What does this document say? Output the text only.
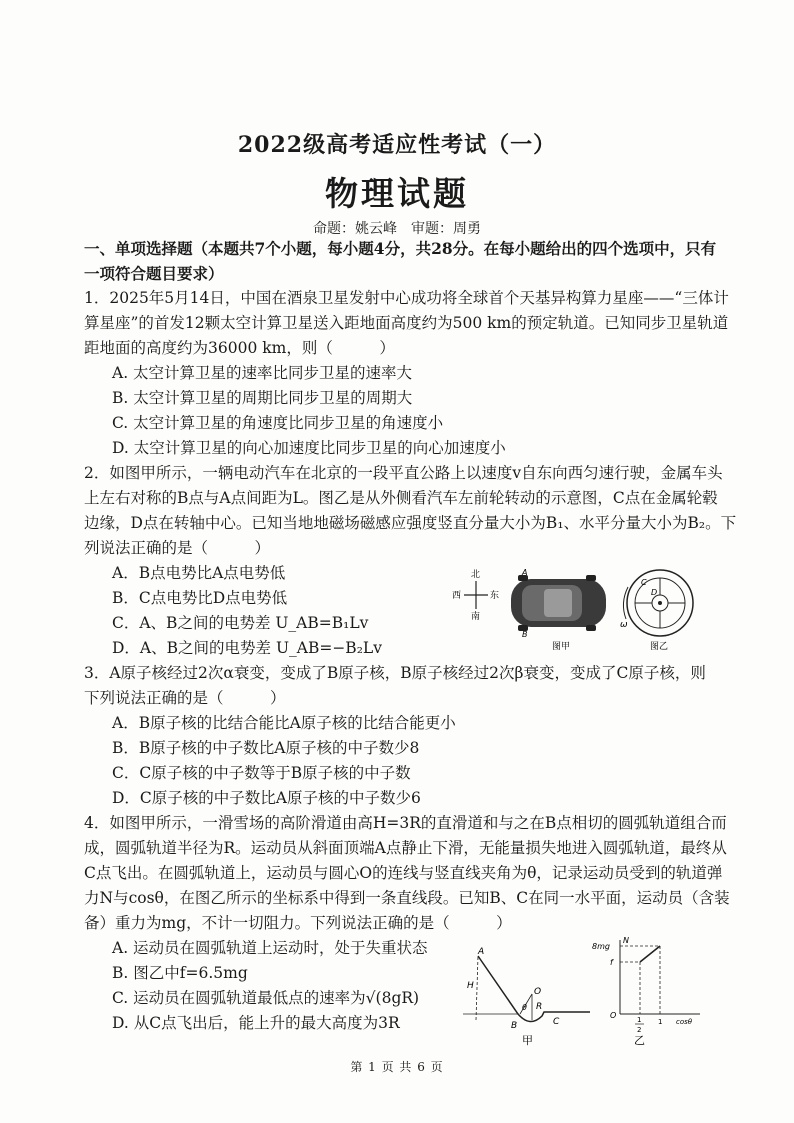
2022级高考适应性考试（一）
物理试题
命题：姚云峰　审题：周勇
一、单项选择题（本题共7个小题，每小题4分，共28分。在每小题给出的四个选项中，只有
一项符合题目要求）
1．2025年5月14日，中国在酒泉卫星发射中心成功将全球首个天基异构算力星座——“三体计
算星座”的首发12颗太空计算卫星送入距地面高度约为500 km的预定轨道。已知同步卫星轨道
距地面的高度约为36000 km，则（　　　）
A. 太空计算卫星的速率比同步卫星的速率大
B. 太空计算卫星的周期比同步卫星的周期大
C. 太空计算卫星的角速度比同步卫星的角速度小
D. 太空计算卫星的向心加速度比同步卫星的向心加速度小
2．如图甲所示，一辆电动汽车在北京的一段平直公路上以速度v自东向西匀速行驶，金属车头
上左右对称的B点与A点间距为L。图乙是从外侧看汽车左前轮转动的示意图，C点在金属轮毂
边缘，D点在转轴中心。已知当地地磁场磁感应强度竖直分量大小为B₁、水平分量大小为B₂。下
列说法正确的是（　　　）
A．B点电势比A点电势低
B．C点电势比D点电势低
C．A、B之间的电势差 U_AB=B₁Lv
D．A、B之间的电势差 U_AB=−B₂Lv
北
南
西	东
A
B
图甲
C
D
ω
图乙
3．A原子核经过2次α衰变，变成了B原子核，B原子核经过2次β衰变，变成了C原子核，则
下列说法正确的是（　　　）
A．B原子核的比结合能比A原子核的比结合能更小
B．B原子核的中子数比A原子核的中子数少8
C．C原子核的中子数等于B原子核的中子数
D．C原子核的中子数比A原子核的中子数少6
4．如图甲所示，一滑雪场的高阶滑道由高H=3R的直滑道和与之在B点相切的圆弧轨道组合而
成，圆弧轨道半径为R。运动员从斜面顶端A点静止下滑，无能量损失地进入圆弧轨道，最终从
C点飞出。在圆弧轨道上，运动员与圆心O的连线与竖直线夹角为θ，记录运动员受到的轨道弹
力N与cosθ，在图乙所示的坐标系中得到一条直线段。已知B、C在同一水平面，运动员（含装
备）重力为mg，不计一切阻力。下列说法正确的是（　　　）
A. 运动员在圆弧轨道上运动时，处于失重状态
B. 图乙中f=6.5mg
C. 运动员在圆弧轨道最低点的速率为√(8gR)
D. 从C点飞出后，能上升的最大高度为3R
A
H
B	C
O
R
θ
甲
8mg
N
f
O	1
2
1 cosθ
乙
第 1 页 共 6 页
